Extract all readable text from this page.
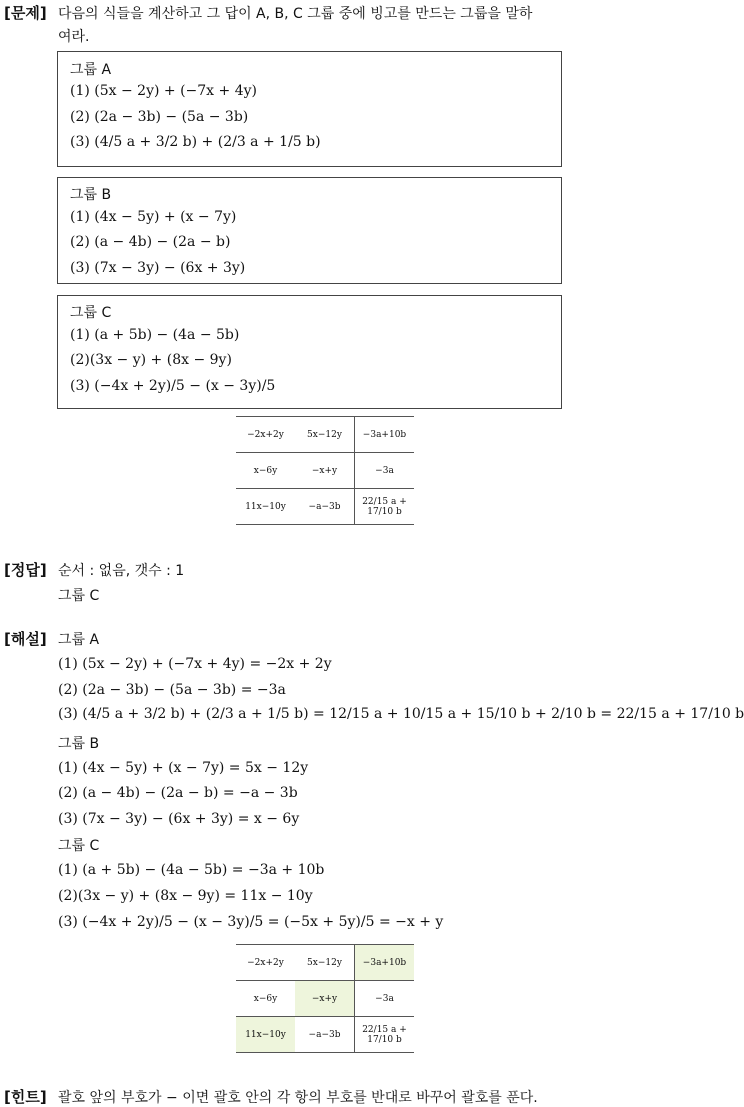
[문제] 다음의 식들을 계산하고 그 답이 A, B, C 그룹 중에 빙고를 만드는 그룹을 말하
여라.
그룹 A
(1) (5x − 2y) + (−7x + 4y)
(2) (2a − 3b) − (5a − 3b)
(3) (4/5 a + 3/2 b) + (2/3 a + 1/5 b)
그룹 B
(1) (4x − 5y) + (x − 7y)
(2) (a − 4b) − (2a − b)
(3) (7x − 3y) − (6x + 3y)
그룹 C
(1) (a + 5b) − (4a − 5b)
(2)(3x − y) + (8x − 9y)
(3) (−4x + 2y)/5 − (x − 3y)/5
−2x+2y	5x−12y	−3a+10b
x−6y	−x+y	−3a
11x−10y	−a−3b	22/15 a + 17/10 b
[정답] 순서 : 없음, 갯수 : 1
그룹 C
[해설] 그룹 A
(1) (5x − 2y) + (−7x + 4y) = −2x + 2y
(2) (2a − 3b) − (5a − 3b) = −3a
(3) (4/5 a + 3/2 b) + (2/3 a + 1/5 b) = 12/15 a + 10/15 a + 15/10 b + 2/10 b = 22/15 a + 17/10 b
그룹 B
(1) (4x − 5y) + (x − 7y) = 5x − 12y
(2) (a − 4b) − (2a − b) = −a − 3b
(3) (7x − 3y) − (6x + 3y) = x − 6y
그룹 C
(1) (a + 5b) − (4a − 5b) = −3a + 10b
(2)(3x − y) + (8x − 9y) = 11x − 10y
(3) (−4x + 2y)/5 − (x − 3y)/5 = (−5x + 5y)/5 = −x + y
−2x+2y	5x−12y	−3a+10b
x−6y	−x+y	−3a
11x−10y	−a−3b	22/15 a + 17/10 b
[힌트] 괄호 앞의 부호가 − 이면 괄호 안의 각 항의 부호를 반대로 바꾸어 괄호를 푼다.
